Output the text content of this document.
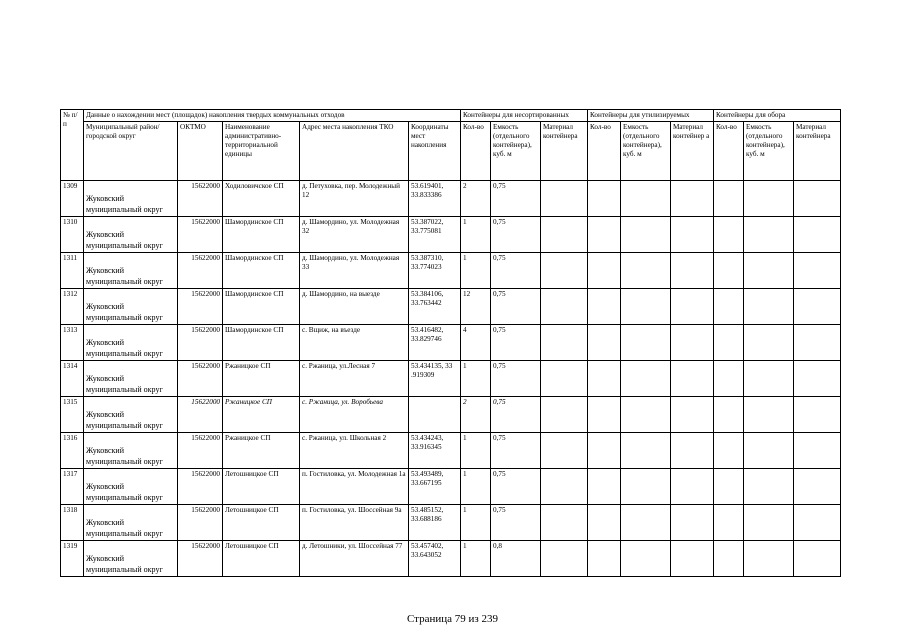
№ п/п	Данные о нахождении мест (площадок) накопления твердых коммунальных отходов					Контейнеры для несортированных			Контейнеры для утилизируемых			Контейнеры для обора		
	Муниципальный район/городской округ	ОКТМО	Наименование административно-территориальной единицы	Адрес места накопления ТКО	Координаты мест накопления	Кол-во	Емкость (отдельного контейнера), куб. м	Материал контейнера	Кол-во	Емкость (отдельного контейнера), куб. м	Материал контейнер а	Кол-во	Емкость (отдельного контейнера), куб. м	Материал контейнера
1309	Жуковский муниципальный округ	15622000	Ходиловичское СП	д. Петуховка, пер. Молодежный 12	53.619401, 33.833386	2	0,75							
1310	Жуковский муниципальный округ	15622000	Шамординское СП	д. Шамордино, ул. Молодежная 32	53.387022, 33.775081	1	0,75							
1311	Жуковский муниципальный округ	15622000	Шамординское СП	д. Шамордино, ул. Молодежная 33	53.387310, 33.774023	1	0,75							
1312	Жуковский муниципальный округ	15622000	Шамординское СП	д. Шамордино, на выезде	53.384106, 33.763442	12	0,75							
1313	Жуковский муниципальный округ	15622000	Шамординское СП	с. Вщиж, на въезде	53.416482, 33.829746	4	0,75							
1314	Жуковский муниципальный округ	15622000	Ржаницкое СП	с. Ржаница, ул.Лесная 7	53.434135, 33 .919309	1	0,75							
1315	Жуковский муниципальный округ	15622000	Ржаницкое СП	с. Ржаница, ул. Воробьева		2	0,75							
1316	Жуковский муниципальный округ	15622000	Ржаницкое СП	с. Ржаница, ул. Школьная 2	53.434243, 33.916345	1	0,75							
1317	Жуковский муниципальный округ	15622000	Летошницкое СП	п. Гостиловка, ул. Молодежная 1а	53.493489, 33.667195	1	0,75							
1318	Жуковский муниципальный округ	15622000	Летошницкое СП	п. Гостиловка, ул. Шоссейная 9а	53.485152, 33.688186	1	0,75							
1319	Жуковский муниципальный округ	15622000	Летошницкое СП	д. Летошники, ул. Шоссейная 77	53.457402, 33.643052	1	0,8							
Страница 79 из 239
